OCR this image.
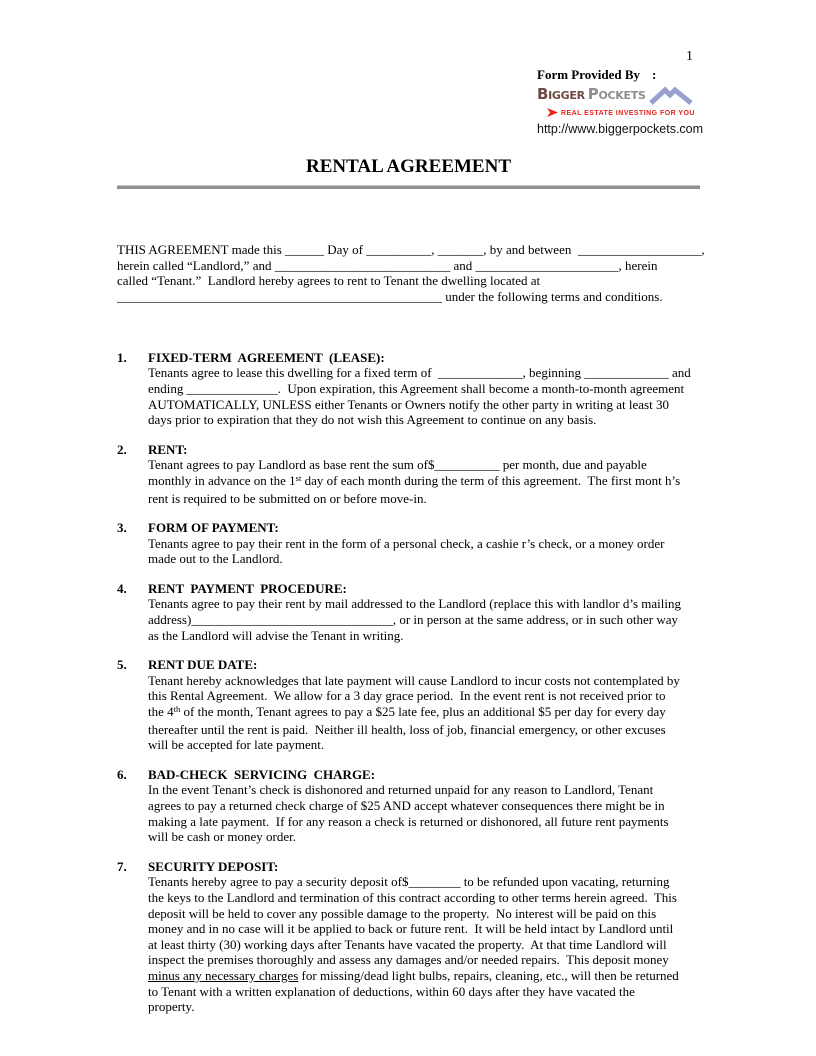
1
Form Provided By :
Bigger Pockets
REAL ESTATE INVESTING FOR YOU
http://www.biggerpockets.com
RENTAL AGREEMENT

THIS AGREEMENT made this ______ Day of __________, _______, by and between  ___________________,
herein called “Landlord,” and ___________________________ and ______________________, herein
called “Tenant.”  Landlord hereby agrees to rent to Tenant the dwelling located at
__________________________________________________ under the following terms and conditions.

1. FIXED-TERM  AGREEMENT  (LEASE):
Tenants agree to lease this dwelling for a fixed term of  _____________, beginning _____________ and
ending ______________.  Upon expiration, this Agreement shall become a month-to-month agreement
AUTOMATICALLY, UNLESS either Tenants or Owners notify the other party in writing at least 30
days prior to expiration that they do not wish this Agreement to continue on any basis.
2. RENT:
Tenant agrees to pay Landlord as base rent the sum of$__________ per month, due and payable
monthly in advance on the 1st day of each month during the term of this agreement.  The first mont h’s
rent is required to be submitted on or before move-in.
3. FORM OF PAYMENT:
Tenants agree to pay their rent in the form of a personal check, a cashie r’s check, or a money order
made out to the Landlord.
4. RENT  PAYMENT  PROCEDURE:
Tenants agree to pay their rent by mail addressed to the Landlord (replace this with landlor d’s mailing
address)_______________________________, or in person at the same address, or in such other way
as the Landlord will advise the Tenant in writing.
5. RENT DUE DATE:
Tenant hereby acknowledges that late payment will cause Landlord to incur costs not contemplated by
this Rental Agreement.  We allow for a 3 day grace period.  In the event rent is not received prior to
the 4th of the month, Tenant agrees to pay a $25 late fee, plus an additional $5 per day for every day
thereafter until the rent is paid.  Neither ill health, loss of job, financial emergency, or other excuses
will be accepted for late payment.
6. BAD-CHECK  SERVICING  CHARGE:
In the event Tenant’s check is dishonored and returned unpaid for any reason to Landlord, Tenant
agrees to pay a returned check charge of $25 AND accept whatever consequences there might be in
making a late payment.  If for any reason a check is returned or dishonored, all future rent payments
will be cash or money order.
7. SECURITY DEPOSIT:
Tenants hereby agree to pay a security deposit of$________ to be refunded upon vacating, returning
the keys to the Landlord and termination of this contract according to other terms herein agreed.  This
deposit will be held to cover any possible damage to the property.  No interest will be paid on this
money and in no case will it be applied to back or future rent.  It will be held intact by Landlord until
at least thirty (30) working days after Tenants have vacated the property.  At that time Landlord will
inspect the premises thoroughly and assess any damages and/or needed repairs.  This deposit money
minus any necessary charges for missing/dead light bulbs, repairs, cleaning, etc., will then be returned
to Tenant with a written explanation of deductions, within 60 days after they have vacated the
property.
